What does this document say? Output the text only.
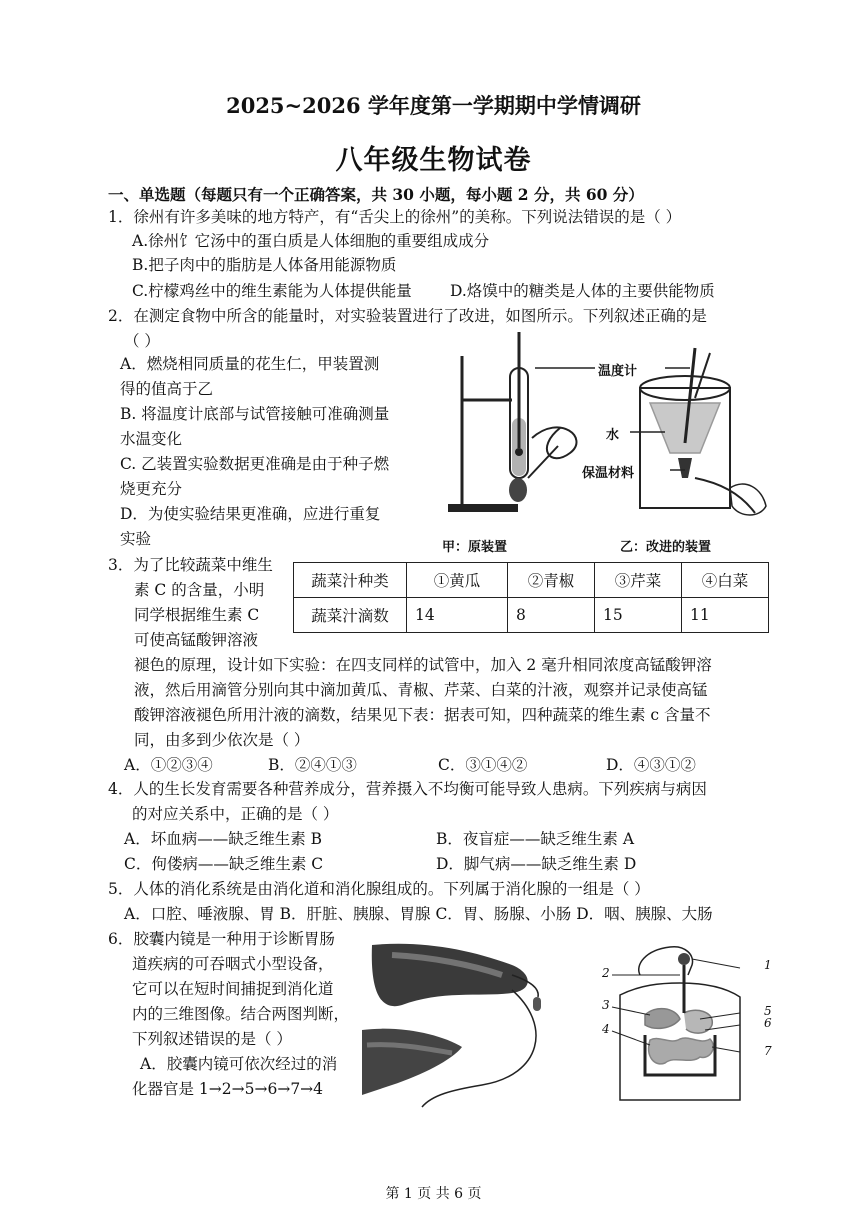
2025~2026 学年度第一学期期中学情调研
八年级生物试卷
一、单选题（每题只有一个正确答案，共 30 小题，每小题 2 分，共 60 分）
1．徐州有许多美味的地方特产，有“舌尖上的徐州”的美称。下列说法错误的是（ ）
A.徐州饣它汤中的蛋白质是人体细胞的重要组成成分
B.把子肉中的脂肪是人体备用能源物质
C.柠檬鸡丝中的维生素能为人体提供能量 D.烙馍中的糖类是人体的主要供能物质
2．在测定食物中所含的能量时，对实验装置进行了改进，如图所示。下列叙述正确的是
（ ）
A．燃烧相同质量的花生仁，甲装置测
得的值高于乙
B. 将温度计底部与试管接触可准确测量
水温变化
C. 乙装置实验数据更准确是由于种子燃
烧更充分
D．为使实验结果更准确，应进行重复
实验
温度计
水
保温材料
甲：原装置	乙：改进的装置
3．为了比较蔬菜中维生
素 C 的含量，小明
同学根据维生素 C
可使高锰酸钾溶液
蔬菜汁种类	①黄瓜	②青椒	③芹菜	④白菜
蔬菜汁滴数	14	8	15	11
褪色的原理，设计如下实验：在四支同样的试管中，加入 2 毫升相同浓度高锰酸钾溶
液，然后用滴管分别向其中滴加黄瓜、青椒、芹菜、白菜的汁液，观察并记录使高锰
酸钾溶液褪色所用汁液的滴数，结果见下表：据表可知，四种蔬菜的维生素 c 含量不
同，由多到少依次是（ ）
A．①②③④	B．②④①③	C．③①④②	D．④③①②
4．人的生长发育需要各种营养成分，营养摄入不均衡可能导致人患病。下列疾病与病因
的对应关系中，正确的是（ ）
A．坏血病——缺乏维生素 B	B．夜盲症——缺乏维生素 A
C．佝偻病——缺乏维生素 C	D．脚气病——缺乏维生素 D
5．人体的消化系统是由消化道和消化腺组成的。下列属于消化腺的一组是（ ）
A．口腔、唾液腺、胃 B．肝脏、胰腺、胃腺 C．胃、肠腺、小肠 D．咽、胰腺、大肠
6．胶囊内镜是一种用于诊断胃肠
道疾病的可吞咽式小型设备，
它可以在短时间捕捉到消化道
内的三维图像。结合两图判断，
下列叙述错误的是（ ）
A．胶囊内镜可依次经过的消
化器官是 1→2→5→6→7→4
1
2
3
4
5
6
7
第 1 页 共 6 页
